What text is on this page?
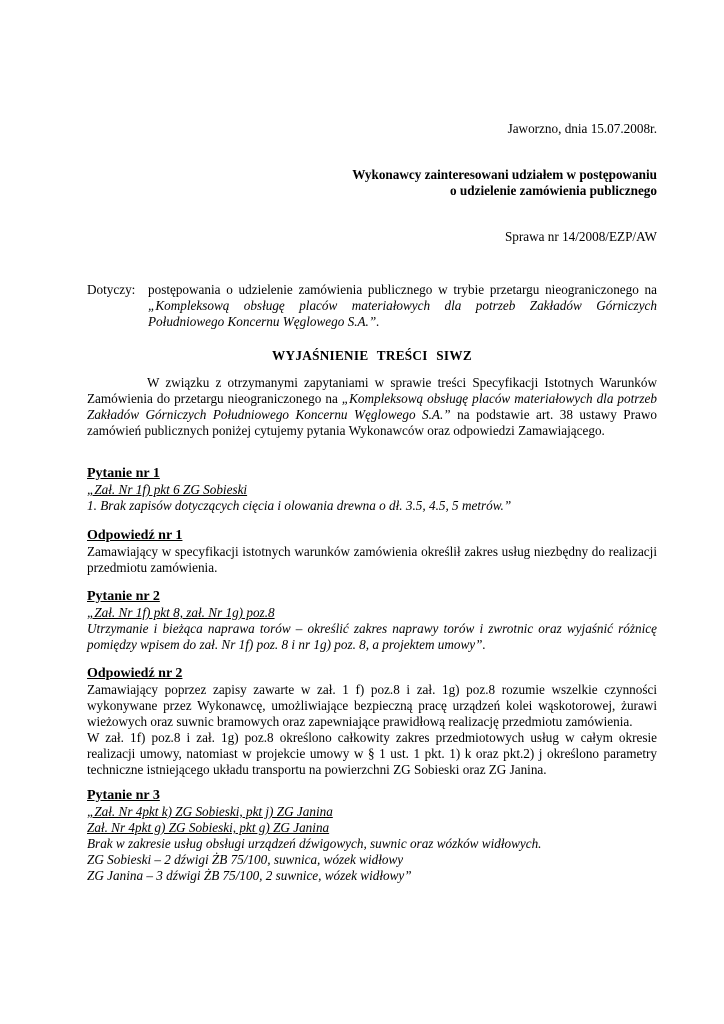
Jaworzno, dnia 15.07.2008r.
Wykonawcy zainteresowani udziałem w postępowaniu
o udzielenie zamówienia publicznego
Sprawa nr 14/2008/EZP/AW
Dotyczy: postępowania o udzielenie zamówienia publicznego w trybie przetargu nieograniczonego na
„Kompleksową obsługę placów materiałowych dla potrzeb Zakładów Górniczych
Południowego Koncernu Węglowego S.A.”.
WYJAŚNIENIE TREŚCI SIWZ
W związku z otrzymanymi zapytaniami w sprawie treści Specyfikacji Istotnych Warunków Zamówienia do przetargu nieograniczonego na „Kompleksową obsługę placów materiałowych dla potrzeb Zakładów Górniczych Południowego Koncernu Węglowego S.A.” na podstawie art. 38 ustawy Prawo zamówień publicznych poniżej cytujemy pytania Wykonawców oraz odpowiedzi Zamawiającego.
Pytanie nr 1
„Zał. Nr 1f) pkt 6 ZG Sobieski
1. Brak zapisów dotyczących cięcia i olowania drewna o dł. 3.5, 4.5, 5 metrów.”
Odpowiedź nr 1
Zamawiający w specyfikacji istotnych warunków zamówienia określił zakres usług niezbędny do realizacji przedmiotu zamówienia.
Pytanie nr 2
„Zał. Nr 1f) pkt 8, zał. Nr 1g) poz.8
Utrzymanie i bieżąca naprawa torów – określić zakres naprawy torów i zwrotnic oraz wyjaśnić różnicę pomiędzy wpisem do zał. Nr 1f) poz. 8 i nr 1g) poz. 8, a projektem umowy”.
Odpowiedź nr 2
Zamawiający poprzez zapisy zawarte w zał. 1 f) poz.8 i zał. 1g) poz.8 rozumie wszelkie czynności wykonywane przez Wykonawcę, umożliwiające bezpieczną pracę urządzeń kolei wąskotorowej, żurawi wieżowych oraz suwnic bramowych oraz zapewniające prawidłową realizację przedmiotu zamówienia.
W zał. 1f) poz.8 i zał. 1g) poz.8 określono całkowity zakres przedmiotowych usług w całym okresie realizacji umowy, natomiast w projekcie umowy w § 1 ust. 1 pkt. 1) k oraz pkt.2) j określono parametry techniczne istniejącego układu transportu na powierzchni ZG Sobieski oraz ZG Janina.
Pytanie nr 3
„Zał. Nr 4pkt k) ZG Sobieski, pkt j) ZG Janina
Zał. Nr 4pkt g) ZG Sobieski, pkt g) ZG Janina
Brak w zakresie usług obsługi urządzeń dźwigowych, suwnic oraz wózków widłowych.
ZG Sobieski – 2 dźwigi ŻB 75/100, suwnica, wózek widłowy
ZG Janina – 3 dźwigi ŻB 75/100, 2 suwnice, wózek widłowy”
